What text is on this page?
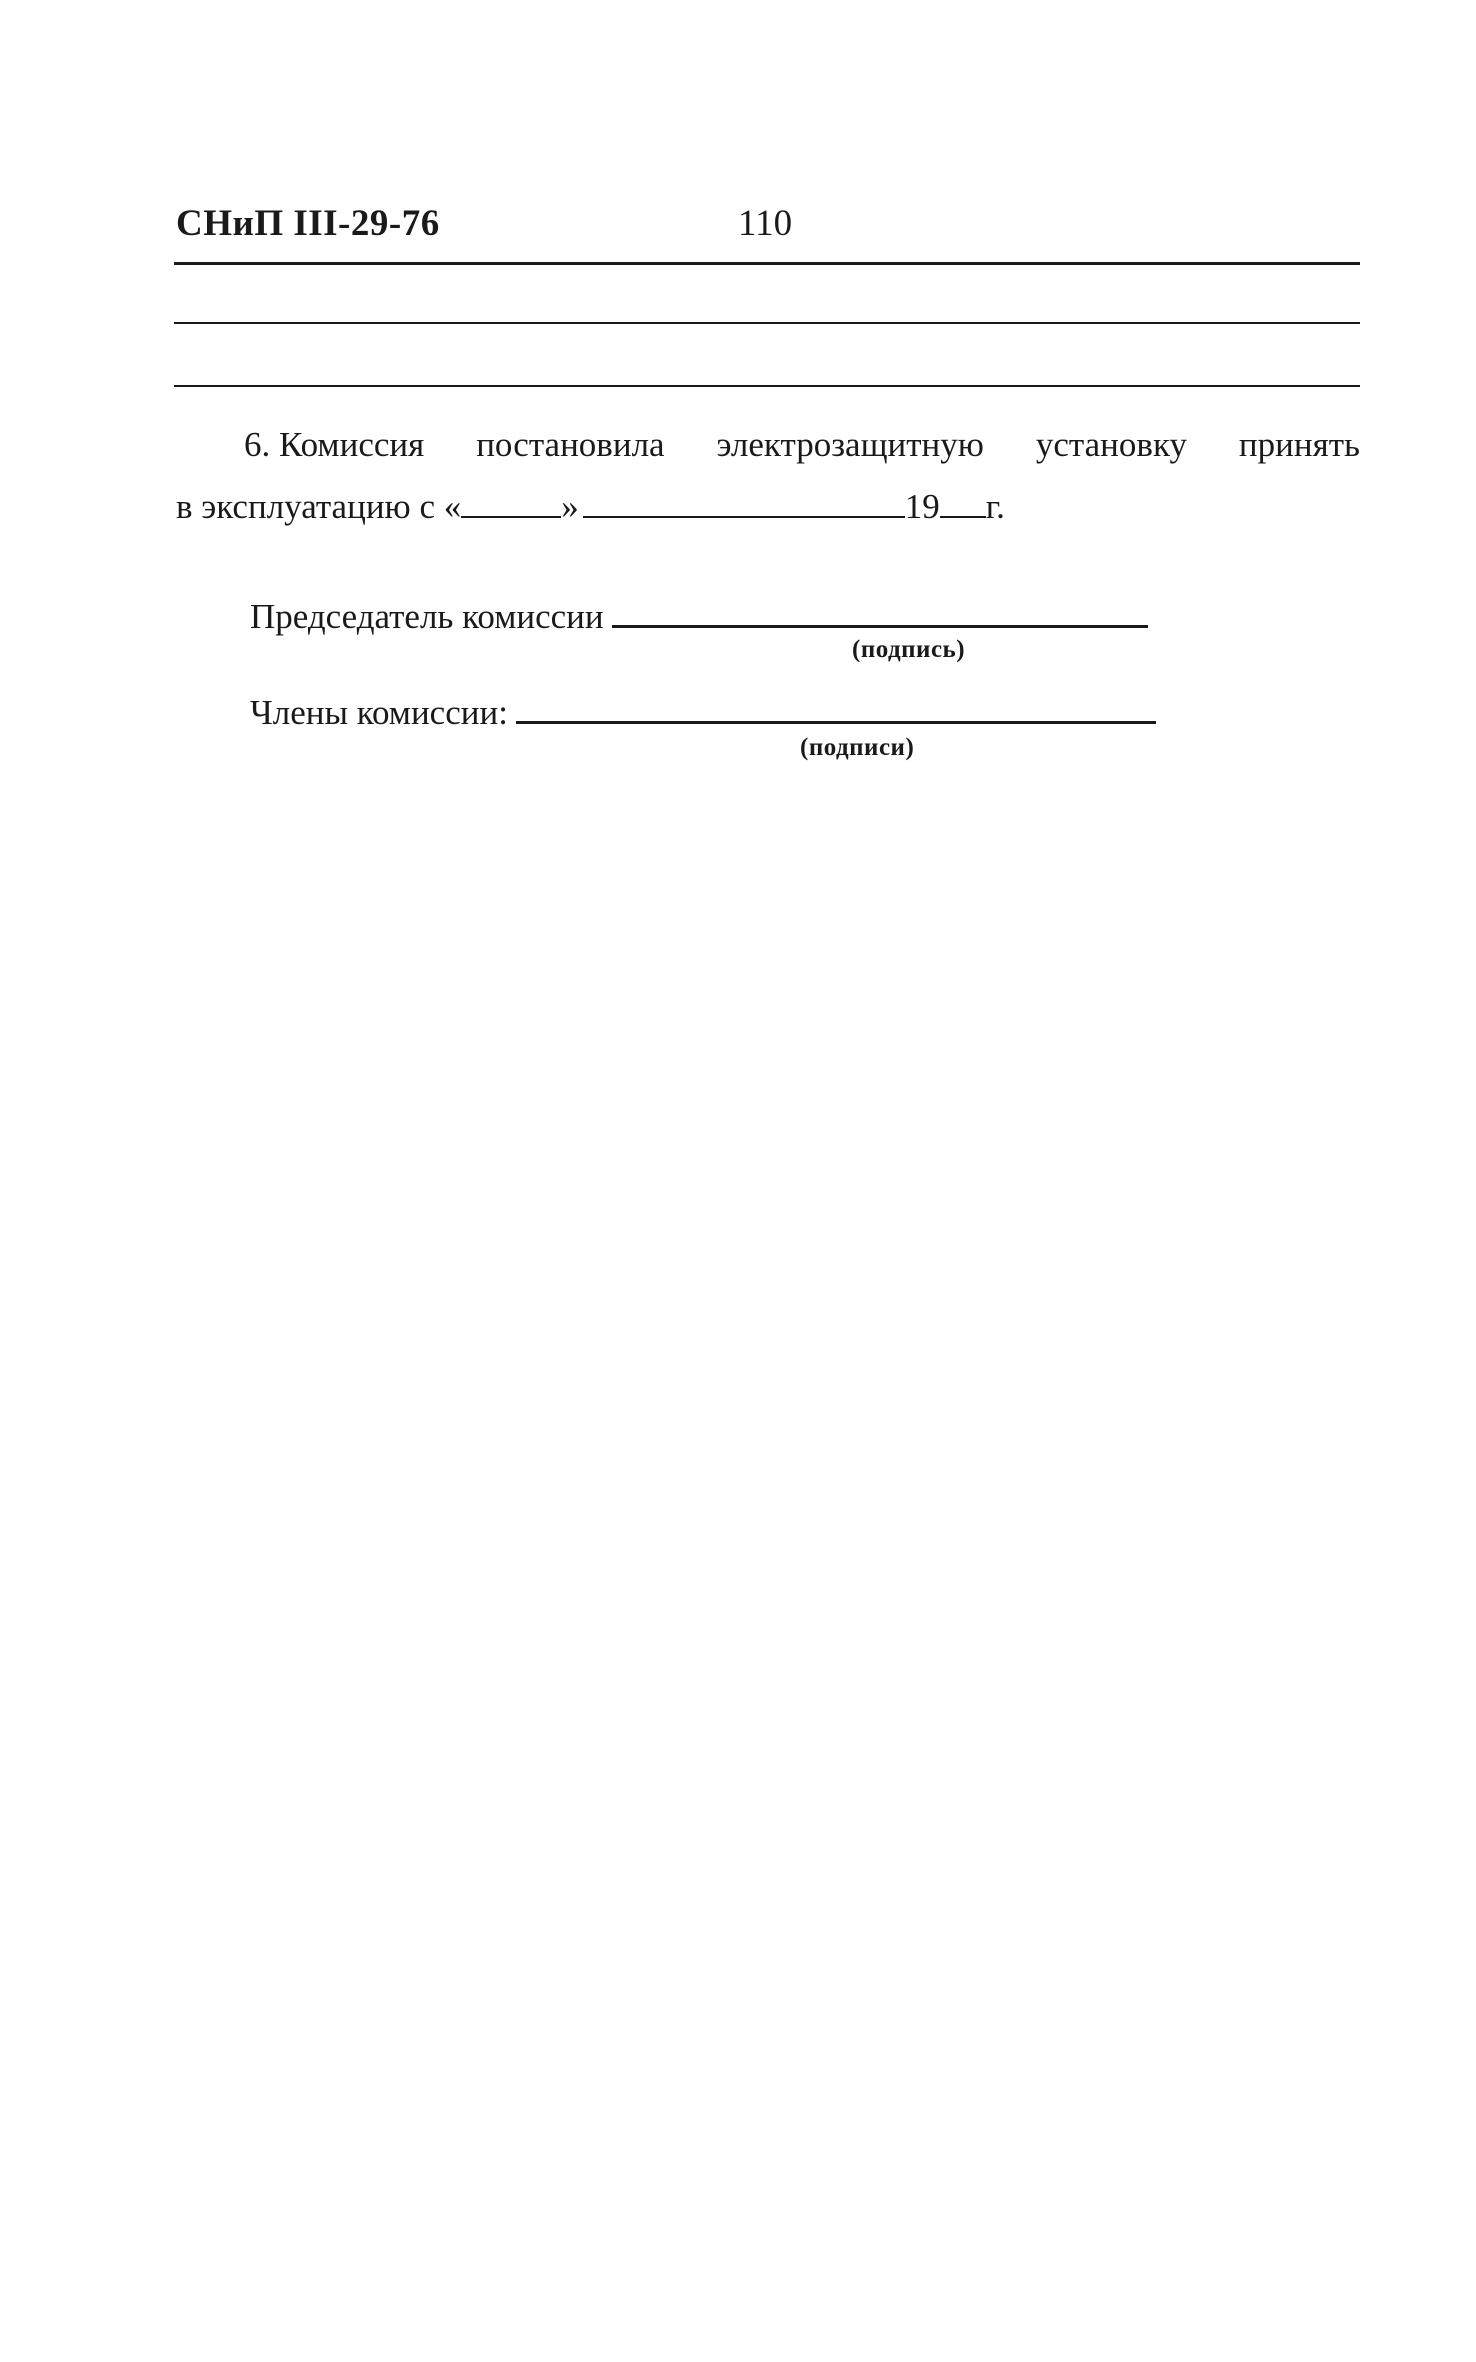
СНиП III-29-76	110
6. Комиссия постановила электрозащитную установку принять
в эксплуатацию с «	»	19 г.
Председатель комиссии
(подпись)
Члены комиссии:
(подписи)
